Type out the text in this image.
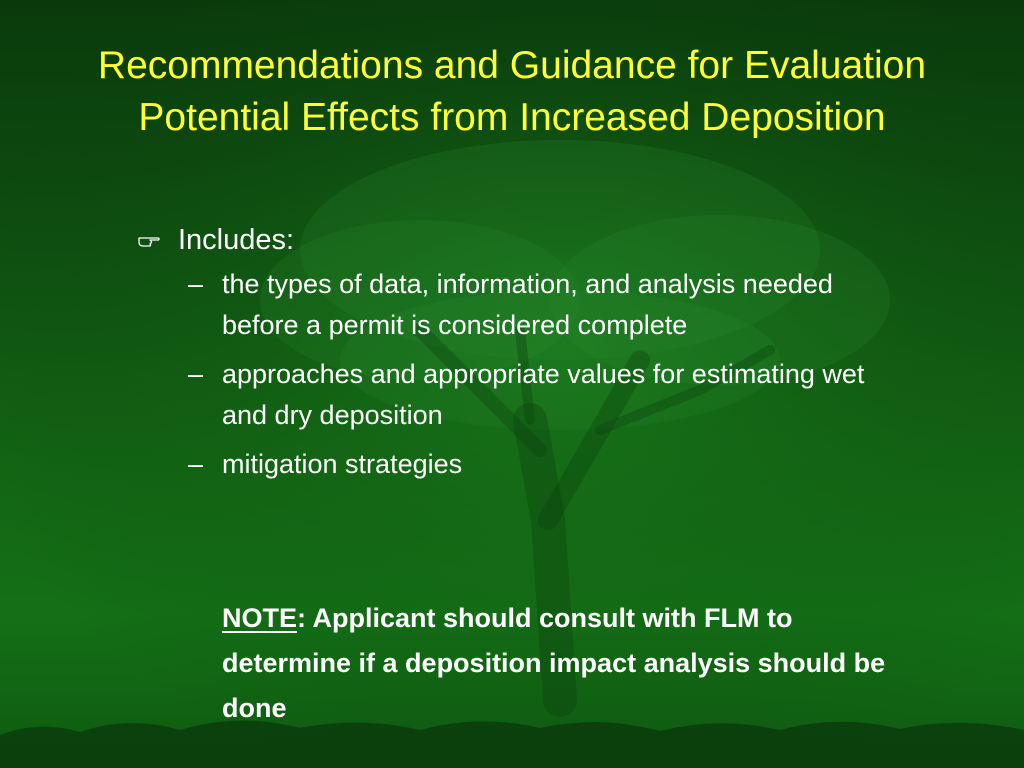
Recommendations and Guidance for Evaluation Potential Effects from Increased Deposition
Includes:
– the types of data, information, and analysis needed before a permit is considered complete
– approaches and appropriate values for estimating wet and dry deposition
– mitigation strategies

NOTE: Applicant should consult with FLM to determine if a deposition impact analysis should be done
